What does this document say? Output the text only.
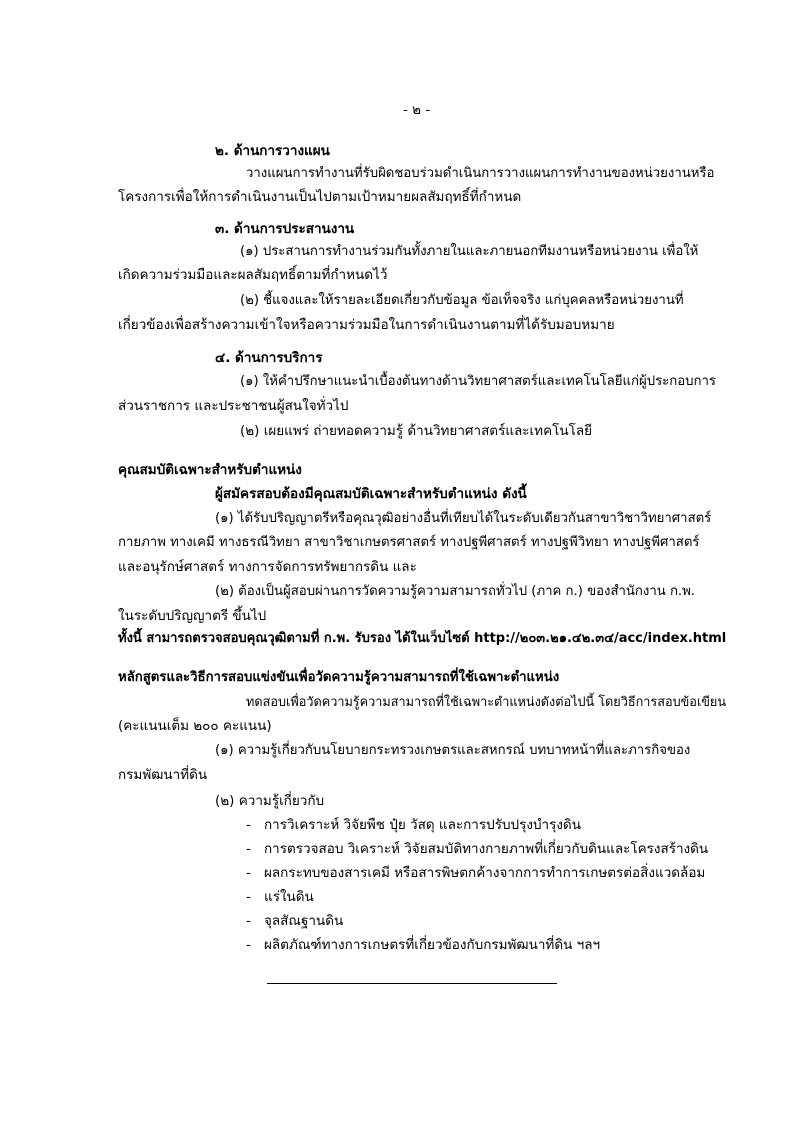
- ๒ -
๒. ด้านการวางแผน
วางแผนการทำงานที่รับผิดชอบร่วมดำเนินการวางแผนการทำงานของหน่วยงานหรือ
โครงการเพื่อให้การดำเนินงานเป็นไปตามเป้าหมายผลสัมฤทธิ์ที่กำหนด
๓. ด้านการประสานงาน
(๑) ประสานการทำงานร่วมกันทั้งภายในและภายนอกทีมงานหรือหน่วยงาน เพื่อให้
เกิดความร่วมมือและผลสัมฤทธิ์ตามที่กำหนดไว้
(๒) ชี้แจงและให้รายละเอียดเกี่ยวกับข้อมูล ข้อเท็จจริง แก่บุคคลหรือหน่วยงานที่
เกี่ยวข้องเพื่อสร้างความเข้าใจหรือความร่วมมือในการดำเนินงานตามที่ได้รับมอบหมาย
๔. ด้านการบริการ
(๑) ให้คำปรึกษาแนะนำเบื้องต้นทางด้านวิทยาศาสตร์และเทคโนโลยีแก่ผู้ประกอบการ
ส่วนราชการ และประชาชนผู้สนใจทั่วไป
(๒) เผยแพร่ ถ่ายทอดความรู้ ด้านวิทยาศาสตร์และเทคโนโลยี
คุณสมบัติเฉพาะสำหรับตำแหน่ง
ผู้สมัครสอบต้องมีคุณสมบัติเฉพาะสำหรับตำแหน่ง ดังนี้
(๑) ได้รับปริญญาตรีหรือคุณวุฒิอย่างอื่นที่เทียบได้ในระดับเดียวกันสาขาวิชาวิทยาศาสตร์
กายภาพ ทางเคมี ทางธรณีวิทยา สาขาวิชาเกษตรศาสตร์ ทางปฐพีศาสตร์ ทางปฐพีวิทยา ทางปฐพีศาสตร์
และอนุรักษ์ศาสตร์ ทางการจัดการทรัพยากรดิน และ
(๒) ต้องเป็นผู้สอบผ่านการวัดความรู้ความสามารถทั่วไป (ภาค ก.) ของสำนักงาน ก.พ.
ในระดับปริญญาตรี ขึ้นไป
ทั้งนี้ สามารถตรวจสอบคุณวุฒิตามที่ ก.พ. รับรอง ได้ในเว็บไซต์ http://๒๐๓.๒๑.๔๒.๓๔/acc/index.html
หลักสูตรและวิธีการสอบแข่งขันเพื่อวัดความรู้ความสามารถที่ใช้เฉพาะตำแหน่ง
ทดสอบเพื่อวัดความรู้ความสามารถที่ใช้เฉพาะตำแหน่งดังต่อไปนี้ โดยวิธีการสอบข้อเขียน
(คะแนนเต็ม ๒๐๐ คะแนน)
(๑) ความรู้เกี่ยวกับนโยบายกระทรวงเกษตรและสหกรณ์ บทบาทหน้าที่และภารกิจของ
กรมพัฒนาที่ดิน
(๒) ความรู้เกี่ยวกับ
- การวิเคราะห์ วิจัยพืช ปุ๋ย วัสดุ และการปรับปรุงบำรุงดิน
- การตรวจสอบ วิเคราะห์ วิจัยสมบัติทางกายภาพที่เกี่ยวกับดินและโครงสร้างดิน
- ผลกระทบของสารเคมี หรือสารพิษตกค้างจากการทำการเกษตรต่อสิ่งแวดล้อม
- แร่ในดิน
- จุลสัณฐานดิน
- ผลิตภัณฑ์ทางการเกษตรที่เกี่ยวข้องกับกรมพัฒนาที่ดิน ฯลฯ
